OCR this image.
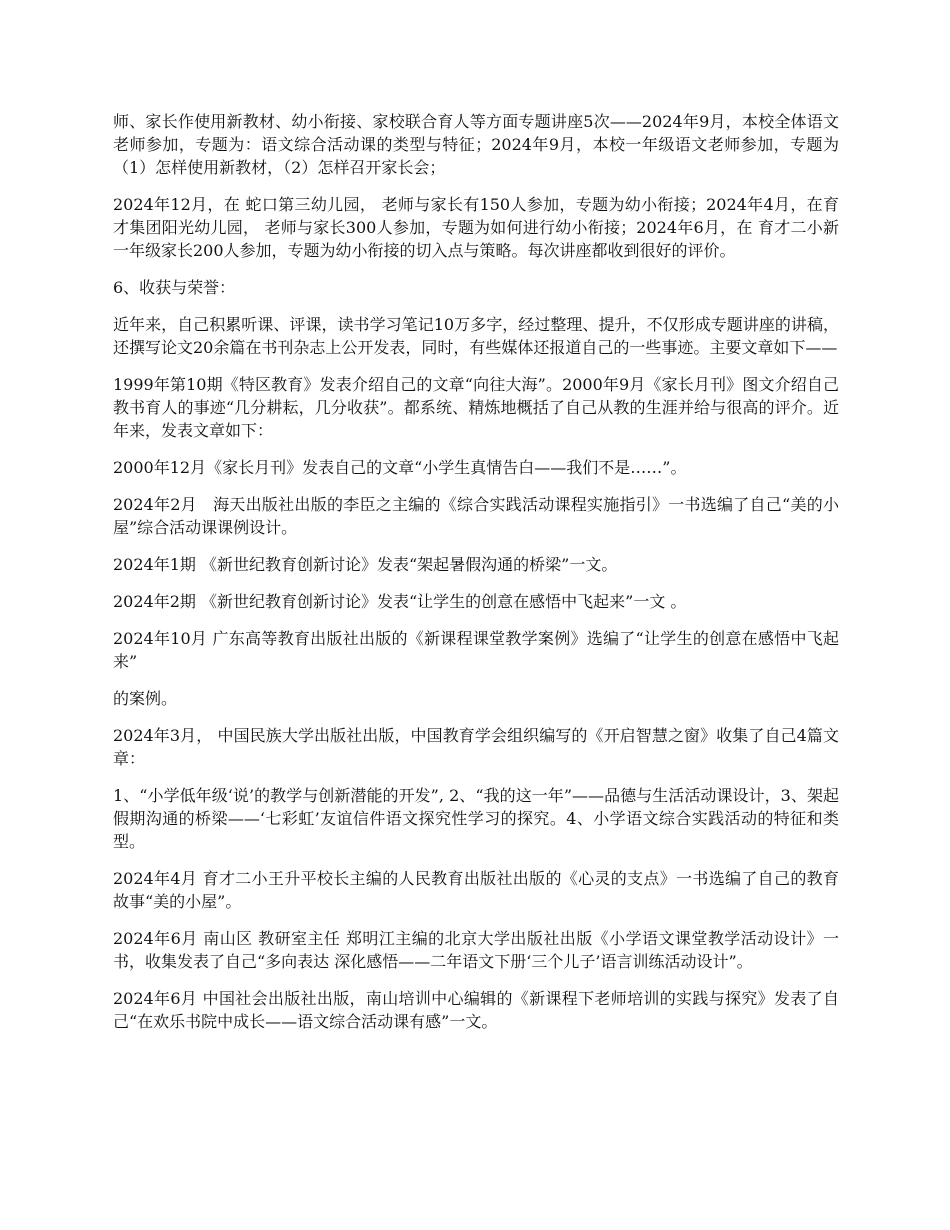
师、家长作使用新教材、幼小衔接、家校联合育人等方面专题讲座5次——2024年9月，本校全体语文老师参加，专题为：语文综合活动课的类型与特征；2024年9月，本校一年级语文老师参加，专题为（1）怎样使用新教材，（2）怎样召开家长会；

2024年12月，在 蛇口第三幼儿园， 老师与家长有150人参加，专题为幼小衔接；2024年4月，在育才集团阳光幼儿园， 老师与家长300人参加，专题为如何进行幼小衔接；2024年6月，在 育才二小新一年级家长200人参加，专题为幼小衔接的切入点与策略。每次讲座都收到很好的评价。

6、收获与荣誉：

近年来，自己积累听课、评课，读书学习笔记10万多字，经过整理、提升，不仅形成专题讲座的讲稿，还撰写论文20余篇在书刊杂志上公开发表，同时，有些媒体还报道自己的一些事迹。主要文章如下——

1999年第10期《特区教育》发表介绍自己的文章“向往大海”。2000年9月《家长月刊》图文介绍自己教书育人的事迹“几分耕耘，几分收获”。都系统、精炼地概括了自己从教的生涯并给与很高的评介。近年来，发表文章如下：

2000年12月《家长月刊》发表自己的文章“小学生真情告白——我们不是……”。

2024年2月　海天出版社出版的李臣之主编的《综合实践活动课程实施指引》一书选编了自己“美的小屋”综合活动课课例设计。

2024年1期 《新世纪教育创新讨论》发表“架起暑假沟通的桥梁”一文。

2024年2期 《新世纪教育创新讨论》发表“让学生的创意在感悟中飞起来”一文 。

2024年10月 广东高等教育出版社出版的《新课程课堂教学案例》选编了“让学生的创意在感悟中飞起来”

的案例。

2024年3月， 中国民族大学出版社出版，中国教育学会组织编写的《开启智慧之窗》收集了自己4篇文章：

1、“小学低年级‘说’的教学与创新潜能的开发”, 2、“我的这一年”——品德与生活活动课设计，3、架起假期沟通的桥梁——‘七彩虹’友谊信件语文探究性学习的探究。4、小学语文综合实践活动的特征和类型。

2024年4月 育才二小王升平校长主编的人民教育出版社出版的《心灵的支点》一书选编了自己的教育故事“美的小屋”。

2024年6月 南山区 教研室主任 郑明江主编的北京大学出版社出版《小学语文课堂教学活动设计》一书，收集发表了自己“多向表达 深化感悟——二年语文下册‘三个儿子’语言训练活动设计”。

2024年6月 中国社会出版社出版，南山培训中心编辑的《新课程下老师培训的实践与探究》发表了自己“在欢乐书院中成长——语文综合活动课有感”一文。
